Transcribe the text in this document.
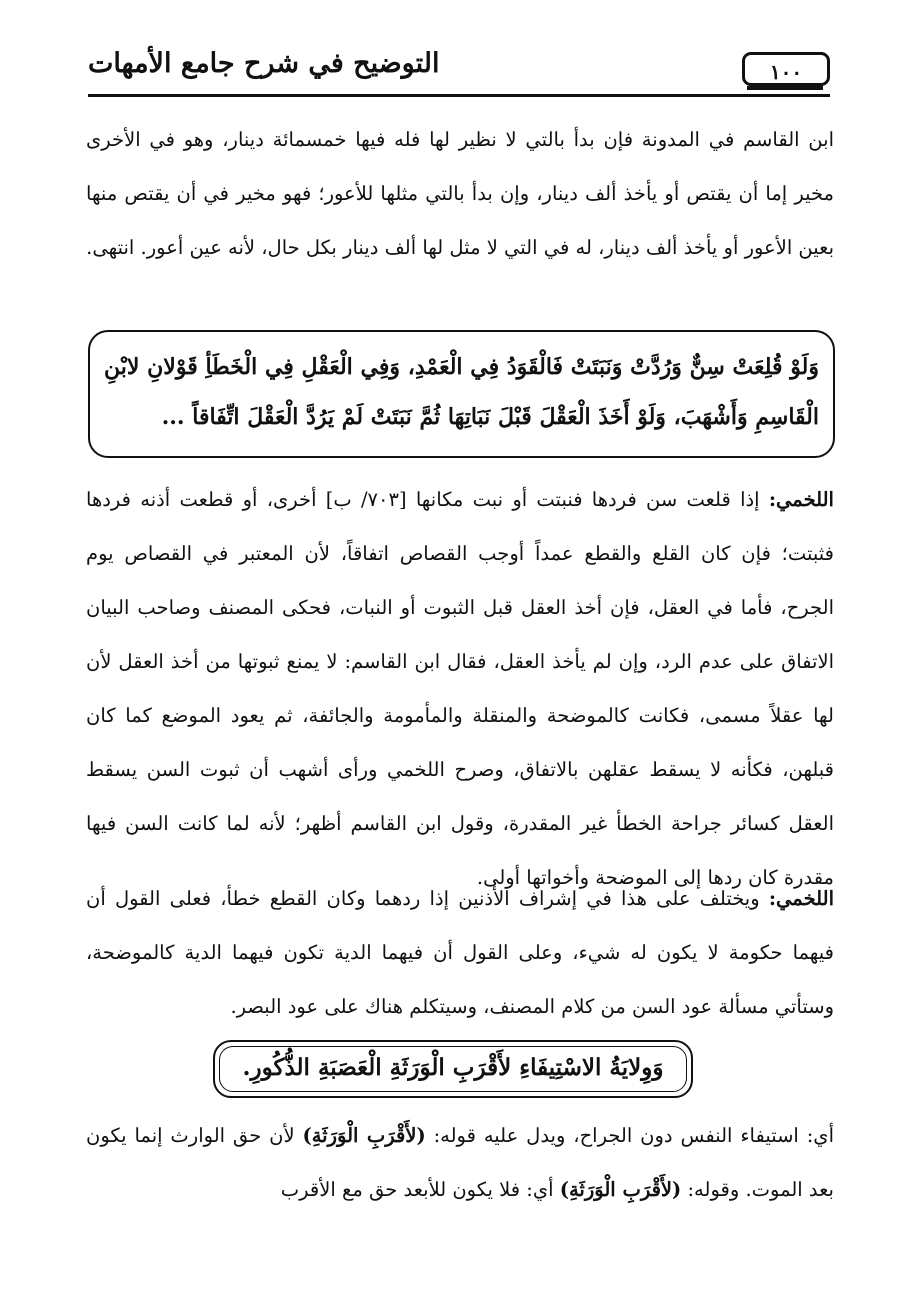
١٠٠
التوضيح في شرح جامع الأمهات

ابن القاسم في المدونة فإن بدأ بالتي لا نظير لها فله فيها خمسمائة دينار، وهو في الأخرى مخير إما أن يقتص أو يأخذ ألف دينار، وإن بدأ بالتي مثلها للأعور؛ فهو مخير في أن يقتص منها بعين الأعور أو يأخذ ألف دينار، له في التي لا مثل لها ألف دينار بكل حال، لأنه عين أعور. انتهى.

وَلَوْ قُلِعَتْ سِنٌّ وَرُدَّتْ وَنَبَتَتْ فَالْقَوَدُ فِي الْعَمْدِ، وَفِي الْعَقْلِ فِي الْخَطَأِ قَوْلانِ لابْنِ الْقَاسِمِ وَأَشْهَبَ، وَلَوْ أَخَذَ الْعَقْلَ قَبْلَ نَبَاتِهَا ثُمَّ نَبَتَتْ لَمْ يَرُدَّ الْعَقْلَ اتِّفَاقاً ...

اللخمي: إذا قلعت سن فردها فنبتت أو نبت مكانها [٧٠٣/ ب] أخرى، أو قطعت أذنه فردها فثبتت؛ فإن كان القلع والقطع عمداً أوجب القصاص اتفاقاً، لأن المعتبر في القصاص يوم الجرح، فأما في العقل، فإن أخذ العقل قبل الثبوت أو النبات، فحكى المصنف وصاحب البيان الاتفاق على عدم الرد، وإن لم يأخذ العقل، فقال ابن القاسم: لا يمنع ثبوتها من أخذ العقل لأن لها عقلاً مسمى، فكانت كالموضحة والمنقلة والمأمومة والجائفة، ثم يعود الموضع كما كان قبلهن، فكأنه لا يسقط عقلهن بالاتفاق، وصرح اللخمي ورأى أشهب أن ثبوت السن يسقط العقل كسائر جراحة الخطأ غير المقدرة، وقول ابن القاسم أظهر؛ لأنه لما كانت السن فيها مقدرة كان ردها إلى الموضحة وأخواتها أولى.

اللخمي: ويختلف على هذا في إشراف الأذنين إذا ردهما وكان القطع خطأ، فعلى القول أن فيهما حكومة لا يكون له شيء، وعلى القول أن فيهما الدية تكون فيهما الدية كالموضحة، وستأتي مسألة عود السن من كلام المصنف، وسيتكلم هناك على عود البصر.

وَوِلايَةُ الاسْتِيفَاءِ لأَقْرَبِ الْوَرَثَةِ الْعَصَبَةِ الذُّكُورِ.

أي: استيفاء النفس دون الجراح، ويدل عليه قوله: (لأَقْرَبِ الْوَرَثَةِ) لأن حق الوارث إنما يكون بعد الموت. وقوله: (لأَقْرَبِ الْوَرَثَةِ) أي: فلا يكون للأبعد حق مع الأقرب
